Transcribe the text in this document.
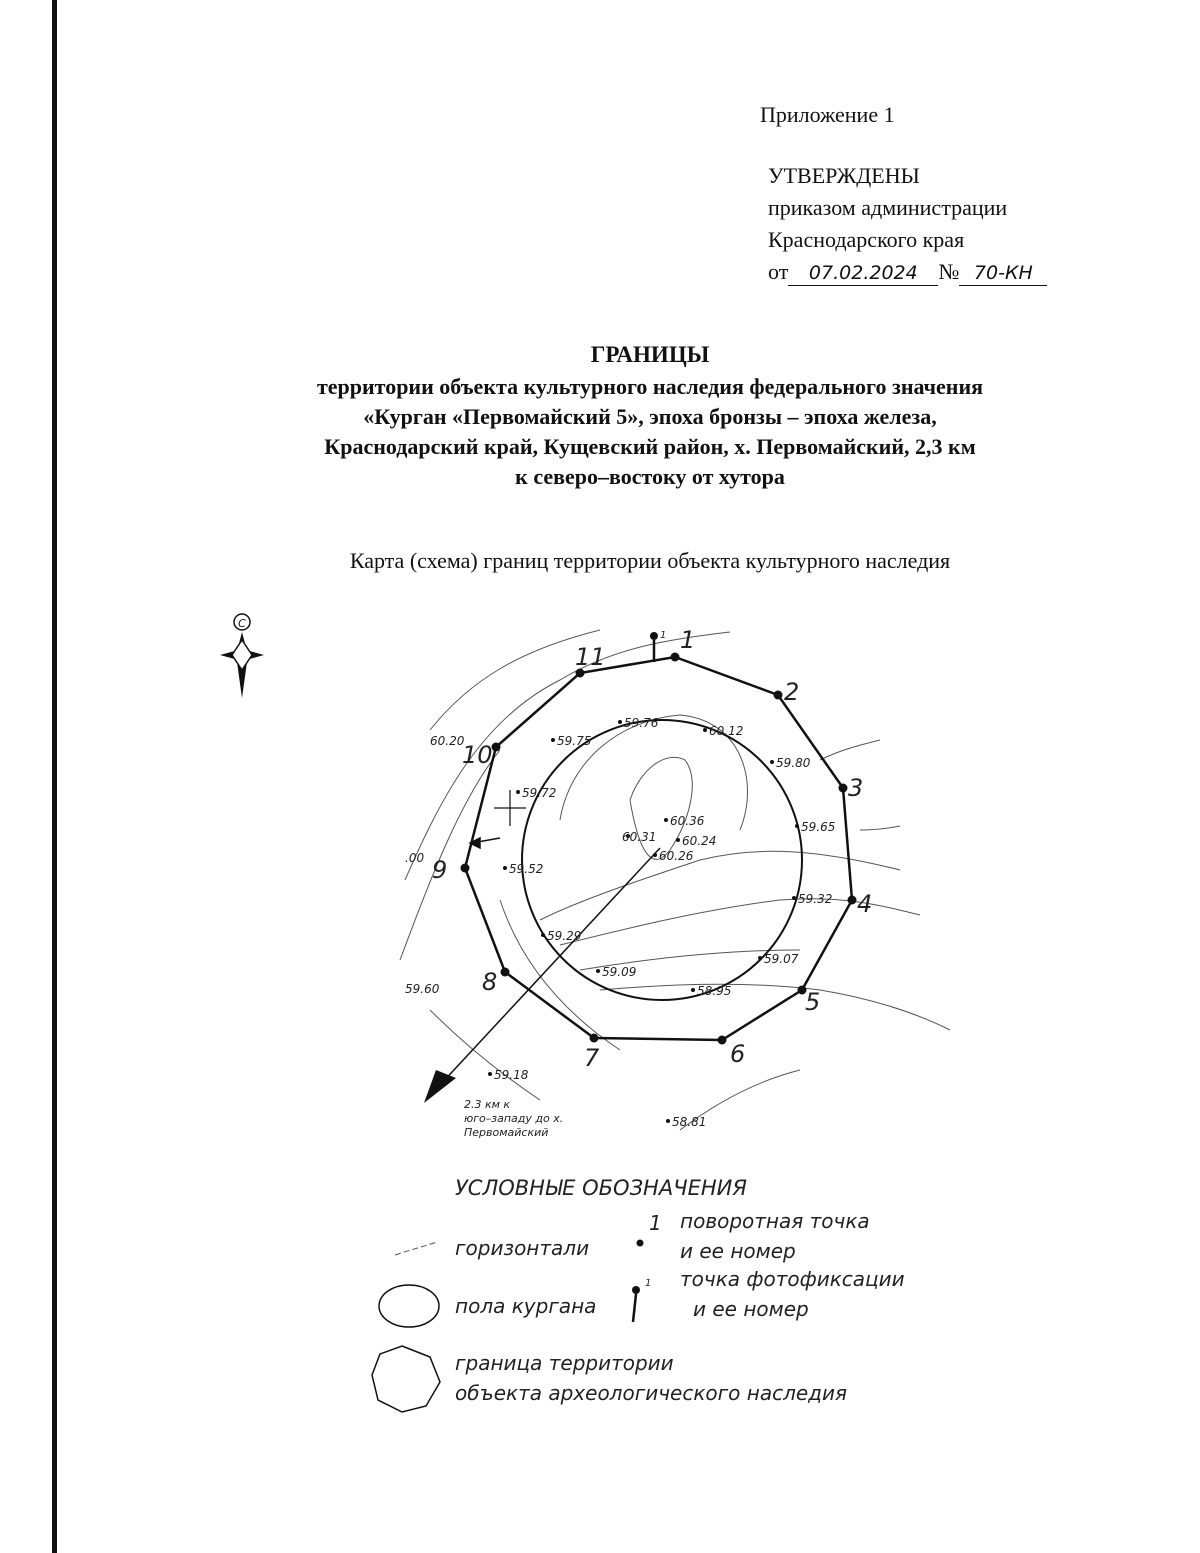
Приложение 1
УТВЕРЖДЕНЫ
приказом администрации
Краснодарского края
от 07.02.2024 № 70-КН
ГРАНИЦЫ
территории объекта культурного наследия федерального значения
«Курган «Первомайский 5», эпоха бронзы – эпоха железа,
Краснодарский край, Кущевский район, х. Первомайский, 2,3 км
к северо–востоку от хутора
Карта (схема) границ территории объекта культурного наследия
С
1
2
3
4
5
6
7
8
9
10
11
1
2.3 км к
юго–западу до х.
Первомайский
60.20	59.75
59.76
60.12
59.80
59.72
60.36
60.31 60.24
60.26
59.65
59.52
59.32
59.29
59.09
59.07
58.95
59.60
59.18
58.81
.00
УСЛОВНЫЕ ОБОЗНАЧЕНИЯ
горизонтали
1 поворотная точка
и ее номер
пола кургана
1 точка фотофиксации
и ее номер
граница территории
объекта археологического наследия
